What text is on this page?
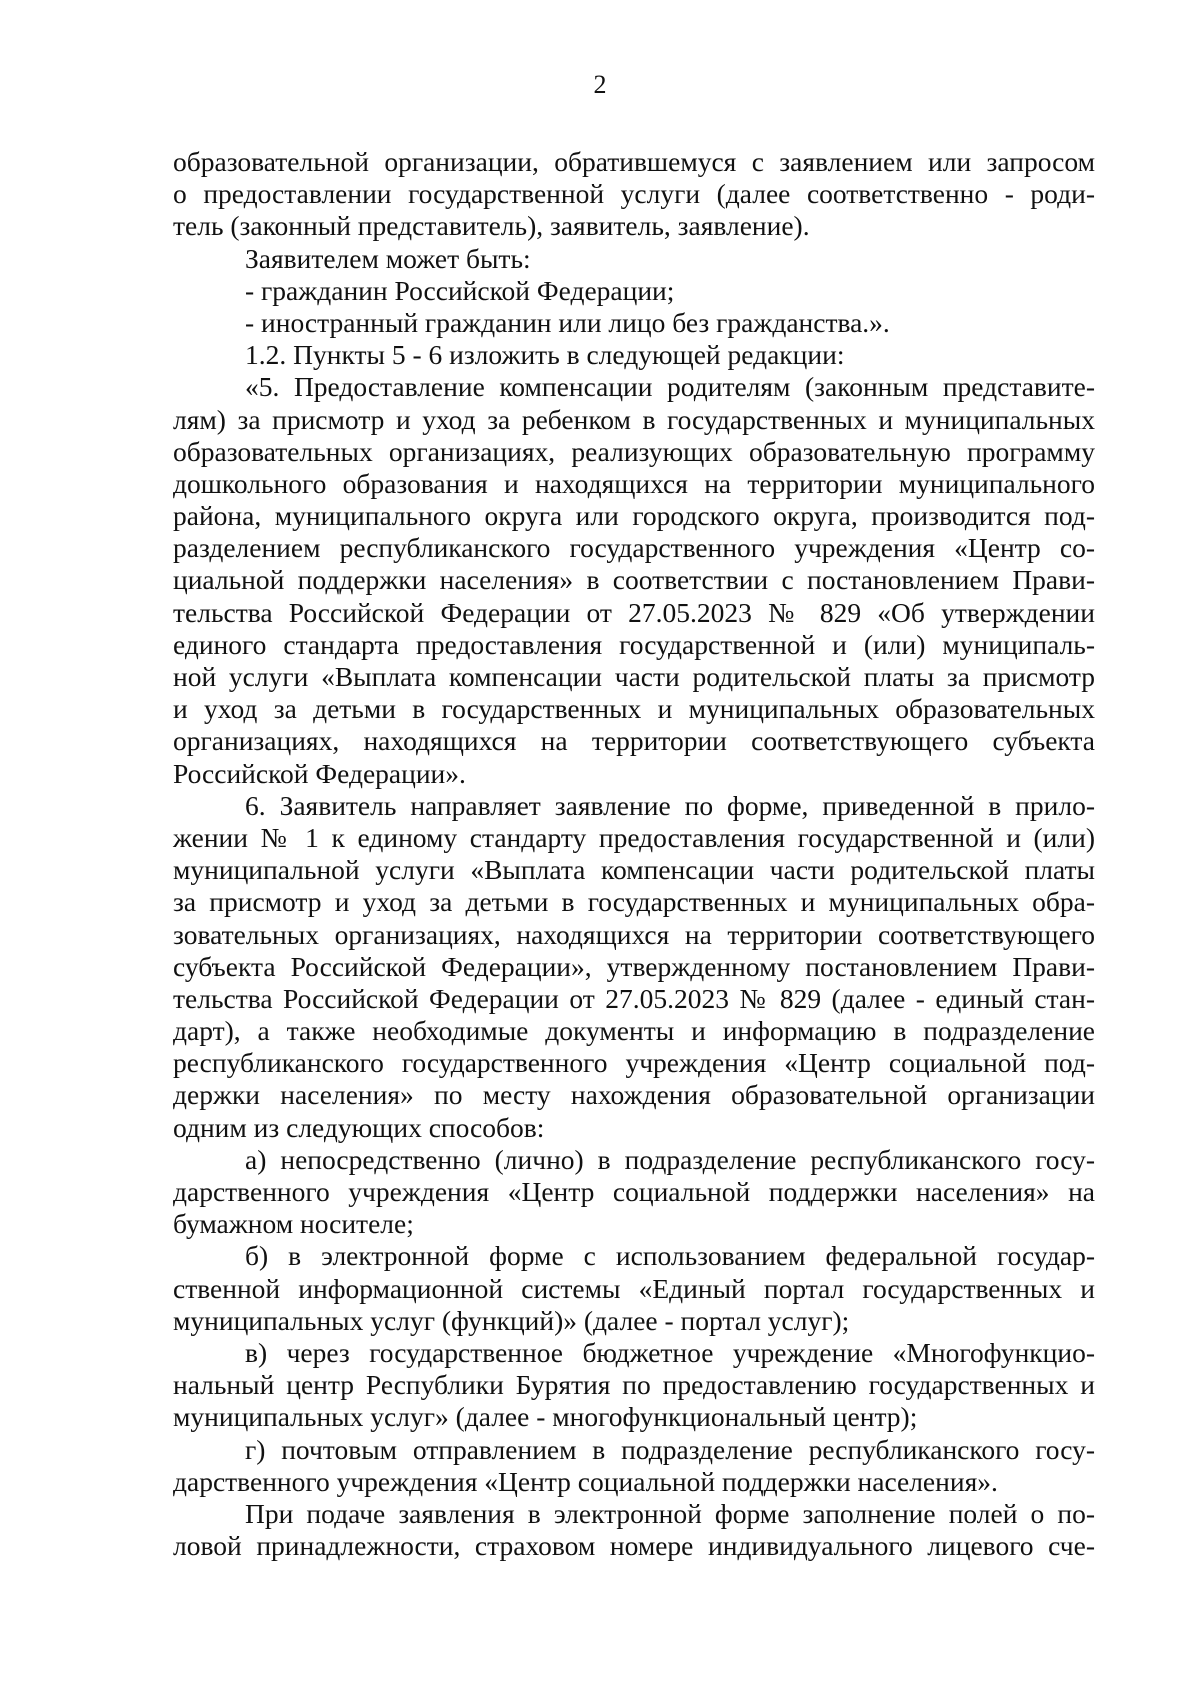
2
образовательной организации, обратившемуся с заявлением или запросом
о предоставлении государственной услуги (далее соответственно - роди-
тель (законный представитель), заявитель, заявление).
Заявителем может быть:
- гражданин Российской Федерации;
- иностранный гражданин или лицо без гражданства.».
1.2. Пункты 5 - 6 изложить в следующей редакции:
«5. Предоставление компенсации родителям (законным представите-
лям) за присмотр и уход за ребенком в государственных и муниципальных
образовательных организациях, реализующих образовательную программу
дошкольного образования и находящихся на территории муниципального
района, муниципального округа или городского округа, производится под-
разделением республиканского государственного учреждения «Центр со-
циальной поддержки населения» в соответствии с постановлением Прави-
тельства Российской Федерации от 27.05.2023 № 829 «Об утверждении
единого стандарта предоставления государственной и (или) муниципаль-
ной услуги «Выплата компенсации части родительской платы за присмотр
и уход за детьми в государственных и муниципальных образовательных
организациях, находящихся на территории соответствующего субъекта
Российской Федерации».
6. Заявитель направляет заявление по форме, приведенной в прило-
жении № 1 к единому стандарту предоставления государственной и (или)
муниципальной услуги «Выплата компенсации части родительской платы
за присмотр и уход за детьми в государственных и муниципальных обра-
зовательных организациях, находящихся на территории соответствующего
субъекта Российской Федерации», утвержденному постановлением Прави-
тельства Российской Федерации от 27.05.2023 № 829 (далее - единый стан-
дарт), а также необходимые документы и информацию в подразделение
республиканского государственного учреждения «Центр социальной под-
держки населения» по месту нахождения образовательной организации
одним из следующих способов:
а) непосредственно (лично) в подразделение республиканского госу-
дарственного учреждения «Центр социальной поддержки населения» на
бумажном носителе;
б) в электронной форме с использованием федеральной государ-
ственной информационной системы «Единый портал государственных и
муниципальных услуг (функций)» (далее - портал услуг);
в) через государственное бюджетное учреждение «Многофункцио-
нальный центр Республики Бурятия по предоставлению государственных и
муниципальных услуг» (далее - многофункциональный центр);
г) почтовым отправлением в подразделение республиканского госу-
дарственного учреждения «Центр социальной поддержки населения».
При подаче заявления в электронной форме заполнение полей о по-
ловой принадлежности, страховом номере индивидуального лицевого сче-
